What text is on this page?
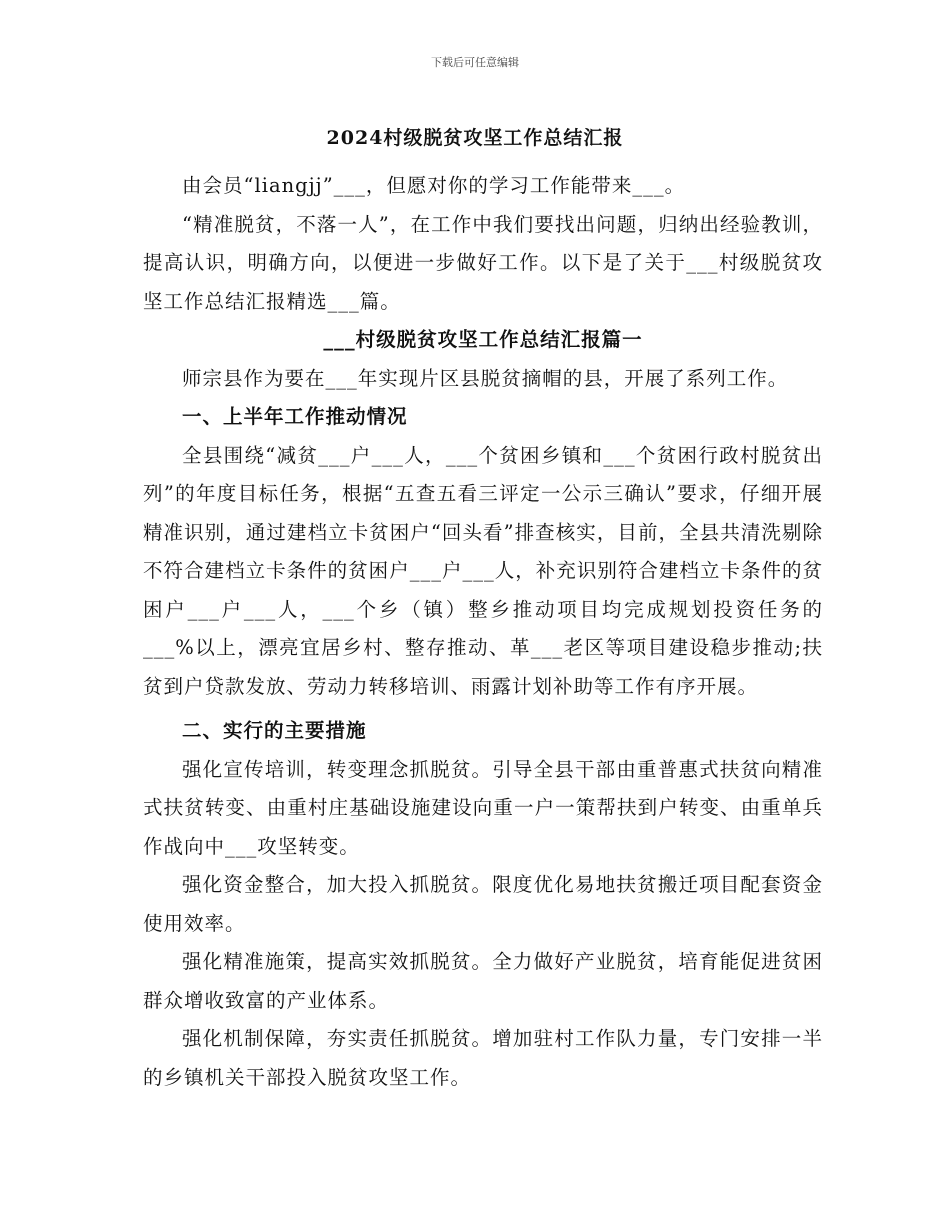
下载后可任意编辑
2024村级脱贫攻坚工作总结汇报

由会员“liangjj”___，但愿对你的学习工作能带来___。

“精准脱贫，不落一人”，在工作中我们要找出问题，归纳出经验教训，提高认识，明确方向，以便进一步做好工作。以下是了关于___村级脱贫攻坚工作总结汇报精选___篇。

___村级脱贫攻坚工作总结汇报篇一

师宗县作为要在___年实现片区县脱贫摘帽的县，开展了系列工作。

一、上半年工作推动情况

全县围绕“减贫___户___人，___个贫困乡镇和___个贫困行政村脱贫出列”的年度目标任务，根据“五查五看三评定一公示三确认”要求，仔细开展精准识别，通过建档立卡贫困户“回头看”排查核实，目前，全县共清洗剔除不符合建档立卡条件的贫困户___户___人，补充识别符合建档立卡条件的贫困户___户___人，___个乡（镇）整乡推动项目均完成规划投资任务的___%以上，漂亮宜居乡村、整存推动、革___老区等项目建设稳步推动;扶贫到户贷款发放、劳动力转移培训、雨露计划补助等工作有序开展。

二、实行的主要措施

强化宣传培训，转变理念抓脱贫。引导全县干部由重普惠式扶贫向精准式扶贫转变、由重村庄基础设施建设向重一户一策帮扶到户转变、由重单兵作战向中___攻坚转变。

强化资金整合，加大投入抓脱贫。限度优化易地扶贫搬迁项目配套资金使用效率。

强化精准施策，提高实效抓脱贫。全力做好产业脱贫，培育能促进贫困群众增收致富的产业体系。

强化机制保障，夯实责任抓脱贫。增加驻村工作队力量，专门安排一半的乡镇机关干部投入脱贫攻坚工作。
